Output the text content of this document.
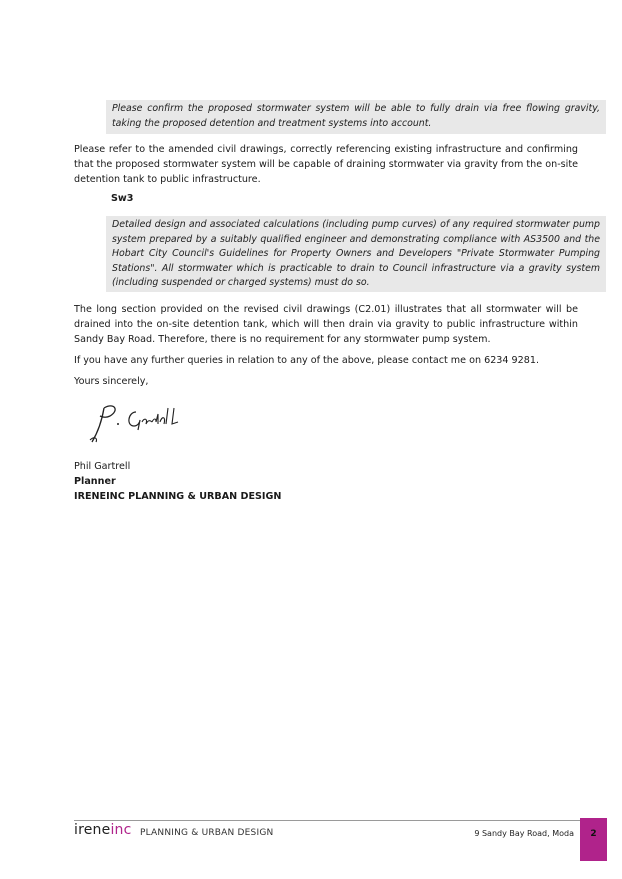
Please confirm the proposed stormwater system will be able to fully drain via free flowing gravity, taking the proposed detention and treatment systems into account.
Please refer to the amended civil drawings, correctly referencing existing infrastructure and confirming that the proposed stormwater system will be capable of draining stormwater via gravity from the on-site detention tank to public infrastructure.
Sw3
Detailed design and associated calculations (including pump curves) of any required stormwater pump system prepared by a suitably qualified engineer and demonstrating compliance with AS3500 and the Hobart City Council's Guidelines for Property Owners and Developers "Private Stormwater Pumping Stations". All stormwater which is practicable to drain to Council infrastructure via a gravity system (including suspended or charged systems) must do so.
The long section provided on the revised civil drawings (C2.01) illustrates that all stormwater will be drained into the on-site detention tank, which will then drain via gravity to public infrastructure within Sandy Bay Road. Therefore, there is no requirement for any stormwater pump system.
If you have any further queries in relation to any of the above, please contact me on 6234 9281.
Yours sincerely,
Phil Gartrell
Planner
IRENEINC PLANNING & URBAN DESIGN
ireneinc PLANNING & URBAN DESIGN	9 Sandy Bay Road, Moda	2
